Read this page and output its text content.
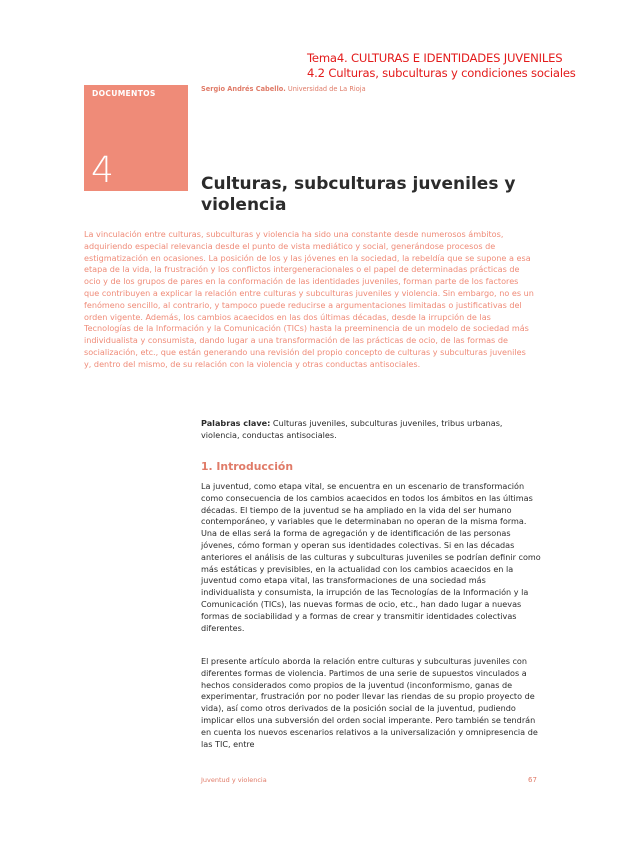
Tema4. CULTURAS E IDENTIDADES JUVENILES
4.2 Culturas, subculturas y condiciones sociales
DOCUMENTOS
4
Sergio Andrés Cabello. Universidad de La Rioja
Culturas, subculturas juveniles y violencia
La vinculación entre culturas, subculturas y violencia ha sido una constante desde numerosos ámbitos, adquiriendo especial relevancia desde el punto de vista mediático y social, generándose procesos de estigmatización en ocasiones. La posición de los y las jóvenes en la sociedad, la rebeldía que se supone a esa etapa de la vida, la frustración y los conflictos intergeneracionales o el papel de determinadas prácticas de ocio y de los grupos de pares en la conformación de las identidades juveniles, forman parte de los factores que contribuyen a explicar la relación entre culturas y subculturas juveniles y violencia. Sin embargo, no es un fenómeno sencillo, al contrario, y tampoco puede reducirse a argumentaciones limitadas o justificativas del orden vigente. Además, los cambios acaecidos en las dos últimas décadas, desde la irrupción de las Tecnologías de la Información y la Comunicación (TICs) hasta la preeminencia de un modelo de sociedad más individualista y consumista, dando lugar a una transformación de las prácticas de ocio, de las formas de socialización, etc., que están generando una revisión del propio concepto de culturas y subculturas juveniles y, dentro del mismo, de su relación con la violencia y otras conductas antisociales.
Palabras clave: Culturas juveniles, subculturas juveniles, tribus urbanas, violencia, conductas antisociales.
1. Introducción
La juventud, como etapa vital, se encuentra en un escenario de transformación como consecuencia de los cambios acaecidos en todos los ámbitos en las últimas décadas. El tiempo de la juventud se ha ampliado en la vida del ser humano contemporáneo, y variables que le determinaban no operan de la misma forma. Una de ellas será la forma de agregación y de identificación de las personas jóvenes, cómo forman y operan sus identidades colectivas. Si en las décadas anteriores el análisis de las culturas y subculturas juveniles se podrían definir como más estáticas y previsibles, en la actualidad con los cambios acaecidos en la juventud como etapa vital, las transformaciones de una sociedad más individualista y consumista, la irrupción de las Tecnologías de la Información y la Comunicación (TICs), las nuevas formas de ocio, etc., han dado lugar a nuevas formas de sociabilidad y a formas de crear y transmitir identidades colectivas diferentes.
El presente artículo aborda la relación entre culturas y subculturas juveniles con diferentes formas de violencia. Partimos de una serie de supuestos vinculados a hechos considerados como propios de la juventud (inconformismo, ganas de experimentar, frustración por no poder llevar las riendas de su propio proyecto de vida), así como otros derivados de la posición social de la juventud, pudiendo implicar ellos una subversión del orden social imperante. Pero también se tendrán en cuenta los nuevos escenarios relativos a la universalización y omnipresencia de las TIC, entre
Juventud y violencia	67
